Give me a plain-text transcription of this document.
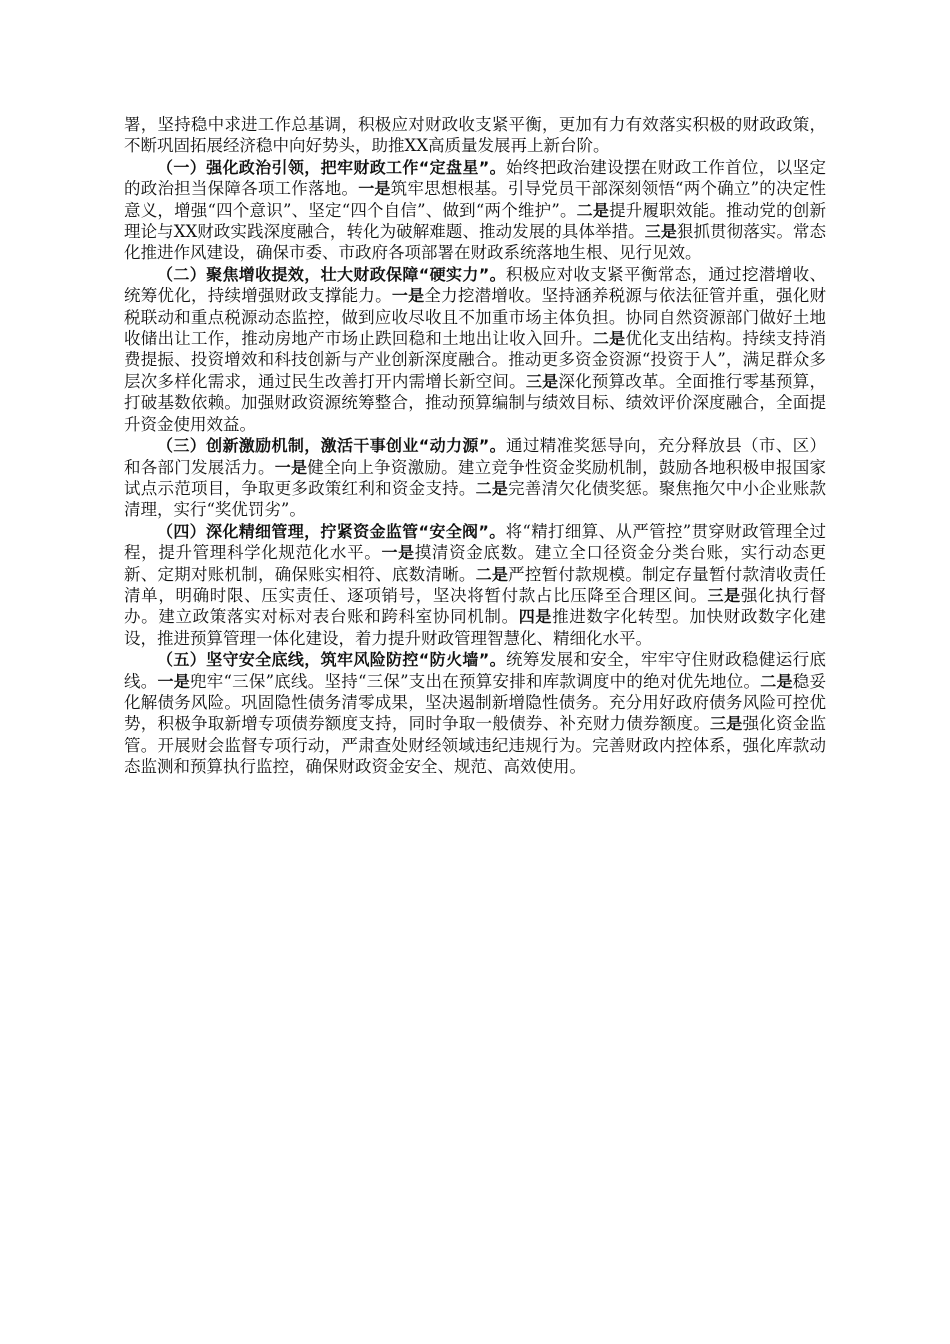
署，坚持稳中求进工作总基调，积极应对财政收支紧平衡，更加有力有效落实积极的财政政策，不断巩固拓展经济稳中向好势头，助推XX高质量发展再上新台阶。

（一）强化政治引领，把牢财政工作“定盘星”。始终把政治建设摆在财政工作首位，以坚定的政治担当保障各项工作落地。一是筑牢思想根基。引导党员干部深刻领悟“两个确立”的决定性意义，增强“四个意识”、坚定“四个自信”、做到“两个维护”。二是提升履职效能。推动党的创新理论与XX财政实践深度融合，转化为破解难题、推动发展的具体举措。三是狠抓贯彻落实。常态化推进作风建设，确保市委、市政府各项部署在财政系统落地生根、见行见效。

（二）聚焦增收提效，壮大财政保障“硬实力”。积极应对收支紧平衡常态，通过挖潜增收、统筹优化，持续增强财政支撑能力。一是全力挖潜增收。坚持涵养税源与依法征管并重，强化财税联动和重点税源动态监控，做到应收尽收且不加重市场主体负担。协同自然资源部门做好土地收储出让工作，推动房地产市场止跌回稳和土地出让收入回升。二是优化支出结构。持续支持消费提振、投资增效和科技创新与产业创新深度融合。推动更多资金资源“投资于人”，满足群众多层次多样化需求，通过民生改善打开内需增长新空间。三是深化预算改革。全面推行零基预算，打破基数依赖。加强财政资源统筹整合，推动预算编制与绩效目标、绩效评价深度融合，全面提升资金使用效益。

（三）创新激励机制，激活干事创业“动力源”。通过精准奖惩导向，充分释放县（市、区）和各部门发展活力。一是健全向上争资激励。建立竞争性资金奖励机制，鼓励各地积极申报国家试点示范项目，争取更多政策红利和资金支持。二是完善清欠化债奖惩。聚焦拖欠中小企业账款清理，实行“奖优罚劣”。

（四）深化精细管理，拧紧资金监管“安全阀”。将“精打细算、从严管控”贯穿财政管理全过程，提升管理科学化规范化水平。一是摸清资金底数。建立全口径资金分类台账，实行动态更新、定期对账机制，确保账实相符、底数清晰。二是严控暂付款规模。制定存量暂付款清收责任清单，明确时限、压实责任、逐项销号，坚决将暂付款占比压降至合理区间。三是强化执行督办。建立政策落实对标对表台账和跨科室协同机制。四是推进数字化转型。加快财政数字化建设，推进预算管理一体化建设，着力提升财政管理智慧化、精细化水平。

（五）坚守安全底线，筑牢风险防控“防火墙”。统筹发展和安全，牢牢守住财政稳健运行底线。一是兜牢“三保”底线。坚持“三保”支出在预算安排和库款调度中的绝对优先地位。二是稳妥化解债务风险。巩固隐性债务清零成果，坚决遏制新增隐性债务。充分用好政府债务风险可控优势，积极争取新增专项债券额度支持，同时争取一般债券、补充财力债券额度。三是强化资金监管。开展财会监督专项行动，严肃查处财经领域违纪违规行为。完善财政内控体系，强化库款动态监测和预算执行监控，确保财政资金安全、规范、高效使用。
